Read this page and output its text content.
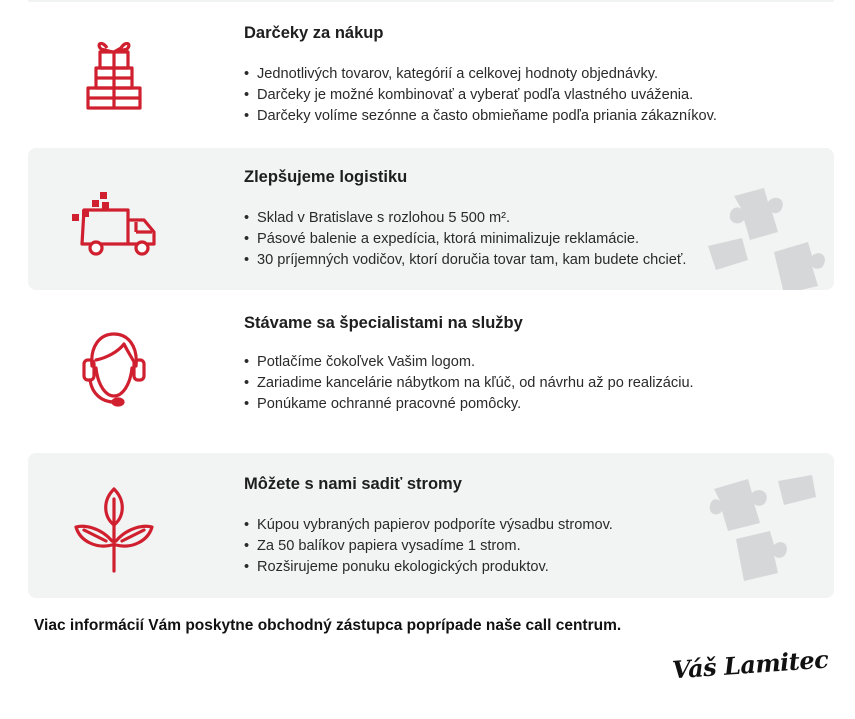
Darčeky za nákup
• Jednotlivých tovarov, kategórií a celkovej hodnoty objednávky.
• Darčeky je možné kombinovať a vyberať podľa vlastného uváženia.
• Darčeky volíme sezónne a často obmieňame podľa priania zákazníkov.
Zlepšujeme logistiku
• Sklad v Bratislave s rozlohou 5 500 m².
• Pásové balenie a expedícia, ktorá minimalizuje reklamácie.
• 30 príjemných vodičov, ktorí doručia tovar tam, kam budete chcieť.
Stávame sa špecialistami na služby
• Potlačíme čokoľvek Vašim logom.
• Zariadime kancelárie nábytkom na kľúč, od návrhu až po realizáciu.
• Ponúkame ochranné pracovné pomôcky.
Môžete s nami sadiť stromy
• Kúpou vybraných papierov podporíte výsadbu stromov.
• Za 50 balíkov papiera vysadíme 1 strom.
• Rozširujeme ponuku ekologických produktov.
Viac informácií Vám poskytne obchodný zástupca poprípade naše call centrum.
Váš Lamitec
